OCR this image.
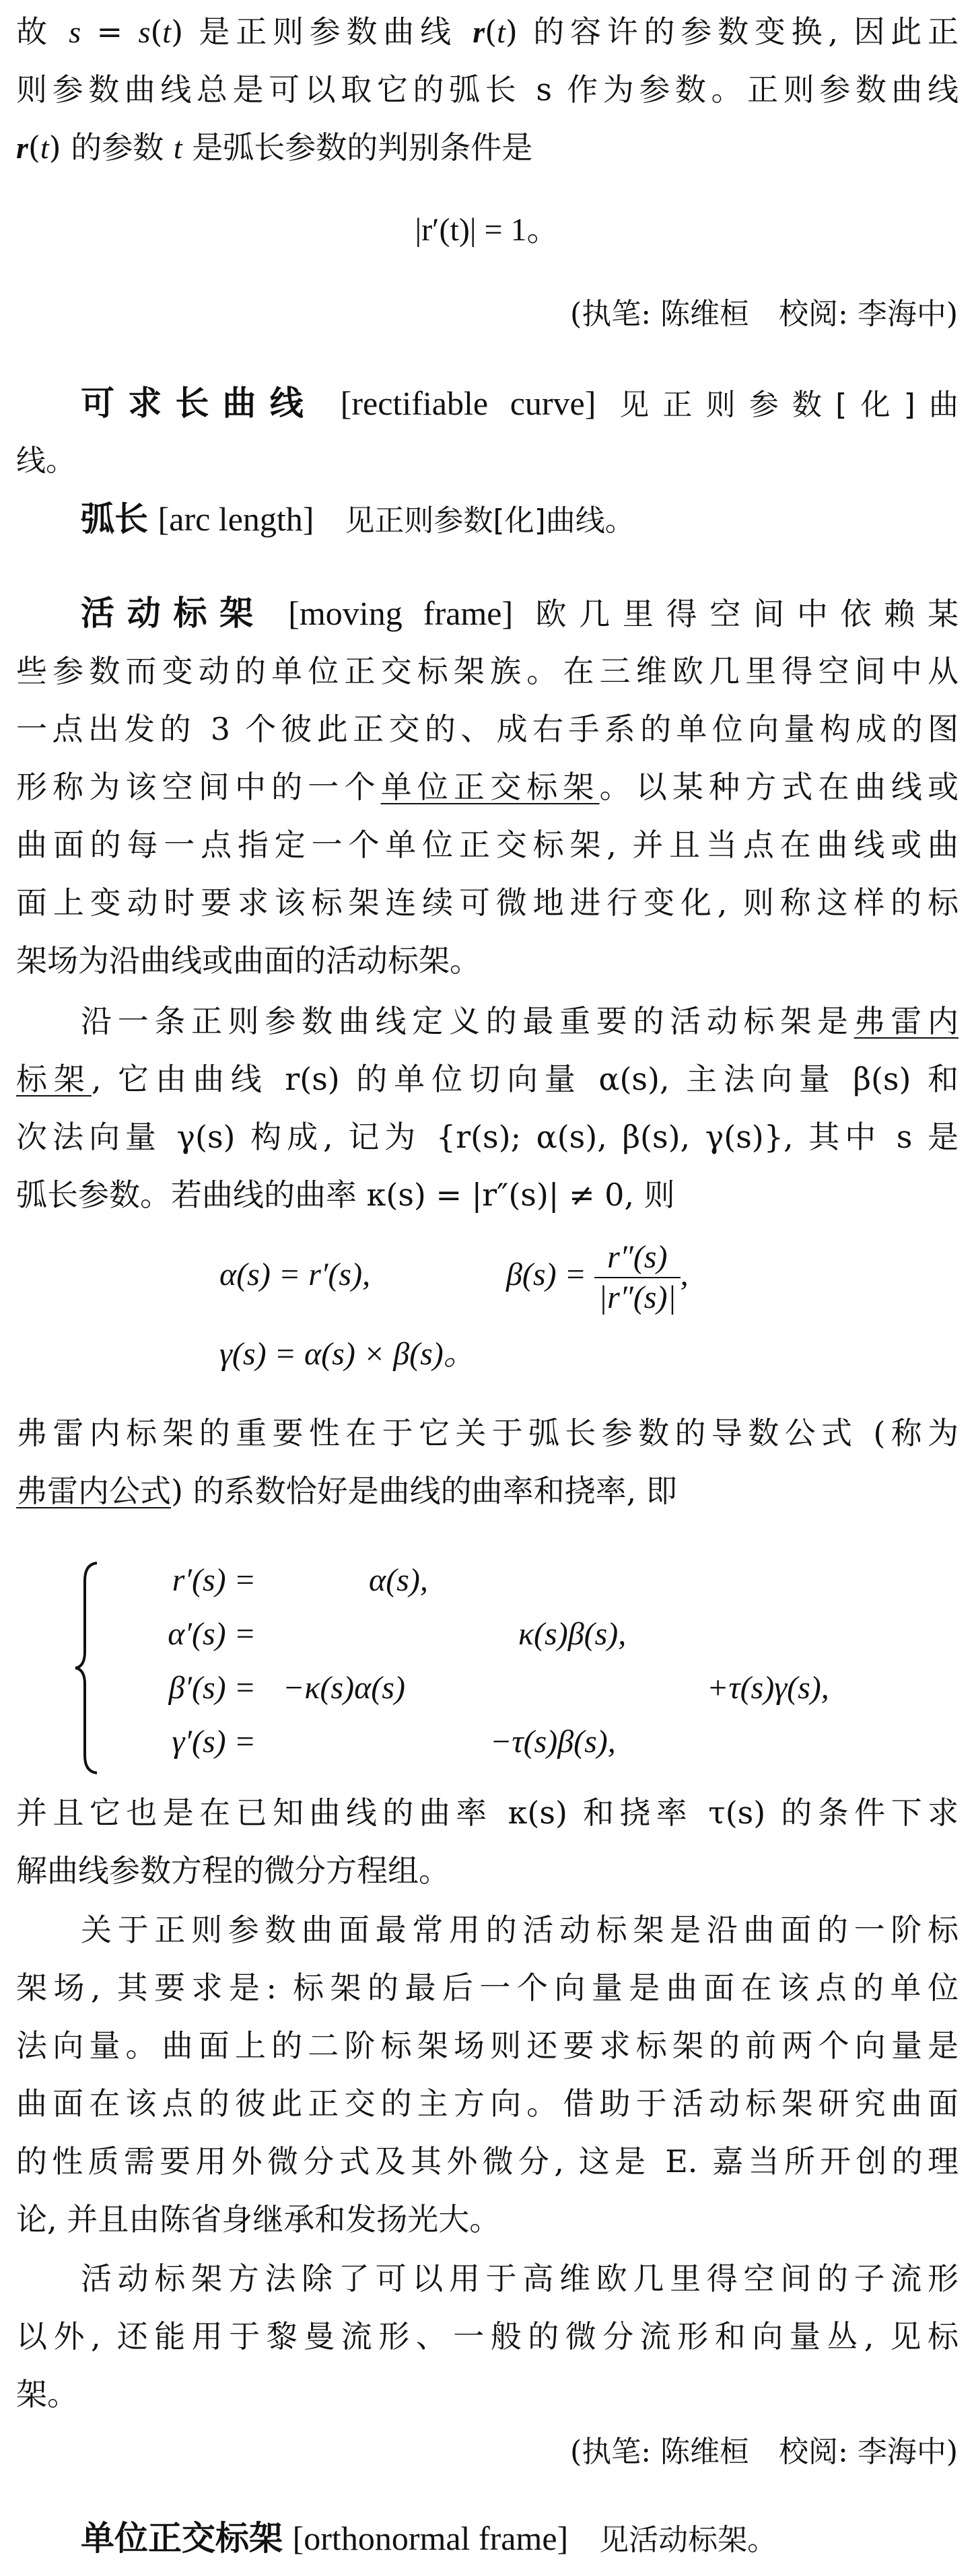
故 s = s(t) 是正则参数曲线 r(t) 的容许的参数变换, 因此正
则参数曲线总是可以取它的弧长 s 作为参数。正则参数曲线
r(t) 的参数 t 是弧长参数的判别条件是
|r′(t)| = 1。
(执笔: 陈维桓　校阅: 李海中)
可求长曲线 [rectifiable curve] 见正则参数[化]曲
线。
弧长 [arc length]　 见正则参数[化]曲线。
活动标架 [moving frame] 欧几里得空间中依赖某
些参数而变动的单位正交标架族。在三维欧几里得空间中从
一点出发的 3 个彼此正交的、成右手系的单位向量构成的图
形称为该空间中的一个单位正交标架。以某种方式在曲线或
曲面的每一点指定一个单位正交标架, 并且当点在曲线或曲
面上变动时要求该标架连续可微地进行变化, 则称这样的标
架场为沿曲线或曲面的活动标架。
沿一条正则参数曲线定义的最重要的活动标架是弗雷内
标架, 它由曲线 r(s) 的单位切向量 α(s), 主法向量 β(s) 和
次法向量 γ(s) 构成, 记为 {r(s); α(s), β(s), γ(s)}, 其中 s 是
弧长参数。若曲线的曲率 κ(s) = |r″(s)| ≠ 0, 则
α(s) = r′(s),	$\beta(s) = \frac{r''(s)}{|r''(s)|}$ ,
γ(s) = α(s) × β(s)。
弗雷内标架的重要性在于它关于弧长参数的导数公式 (称为
弗雷内公式) 的系数恰好是曲线的曲率和挠率, 即
r′(s) =	α(s),
α′(s) =	κ(s)β(s),
β′(s) = −κ(s)α(s)	+τ(s)γ(s),
γ′(s) =	−τ(s)β(s),
并且它也是在已知曲线的曲率 κ(s) 和挠率 τ(s) 的条件下求
解曲线参数方程的微分方程组。
关于正则参数曲面最常用的活动标架是沿曲面的一阶标
架场, 其要求是: 标架的最后一个向量是曲面在该点的单位
法向量。曲面上的二阶标架场则还要求标架的前两个向量是
曲面在该点的彼此正交的主方向。借助于活动标架研究曲面
的性质需要用外微分式及其外微分, 这是 E. 嘉当所开创的理
论, 并且由陈省身继承和发扬光大。
活动标架方法除了可以用于高维欧几里得空间的子流形
以外, 还能用于黎曼流形、一般的微分流形和向量丛, 见标
架。
(执笔: 陈维桓　校阅: 李海中)
单位正交标架 [orthonormal frame]　 见活动标架。
